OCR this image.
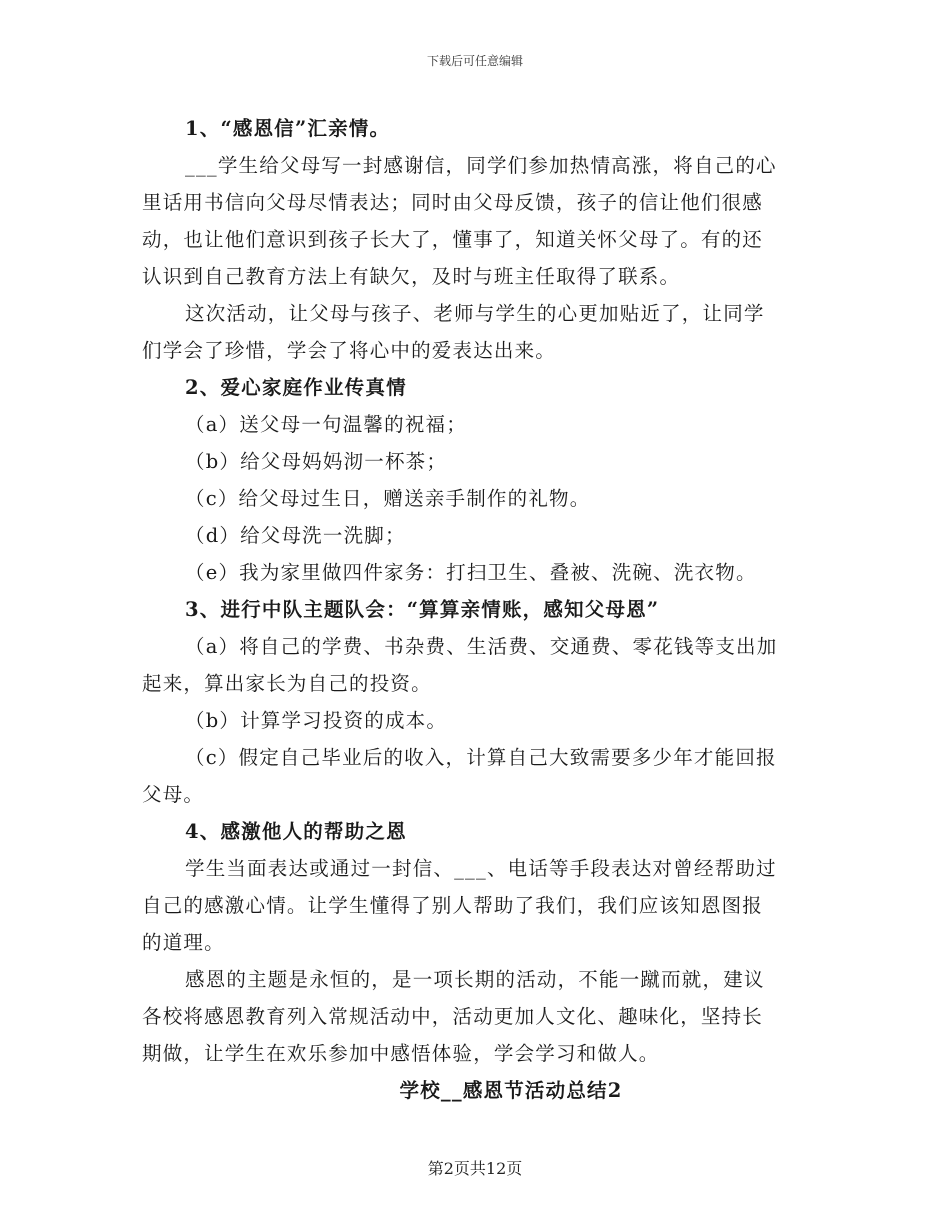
下载后可任意编辑
1、“感恩信”汇亲情。
___学生给父母写一封感谢信，同学们参加热情高涨，将自己的心
里话用书信向父母尽情表达；同时由父母反馈，孩子的信让他们很感
动，也让他们意识到孩子长大了，懂事了，知道关怀父母了。有的还
认识到自己教育方法上有缺欠，及时与班主任取得了联系。
这次活动，让父母与孩子、老师与学生的心更加贴近了，让同学
们学会了珍惜，学会了将心中的爱表达出来。
2、爱心家庭作业传真情
（a）送父母一句温馨的祝福；
（b）给父母妈妈沏一杯茶；
（c）给父母过生日，赠送亲手制作的礼物。
（d）给父母洗一洗脚；
（e）我为家里做四件家务：打扫卫生、叠被、洗碗、洗衣物。
3、进行中队主题队会：“算算亲情账，感知父母恩”
（a）将自己的学费、书杂费、生活费、交通费、零花钱等支出加
起来，算出家长为自己的投资。
（b）计算学习投资的成本。
（c）假定自己毕业后的收入，计算自己大致需要多少年才能回报
父母。
4、感激他人的帮助之恩
学生当面表达或通过一封信、___、电话等手段表达对曾经帮助过
自己的感激心情。让学生懂得了别人帮助了我们，我们应该知恩图报
的道理。
感恩的主题是永恒的，是一项长期的活动，不能一蹴而就，建议
各校将感恩教育列入常规活动中，活动更加人文化、趣味化，坚持长
期做，让学生在欢乐参加中感悟体验，学会学习和做人。
学校__感恩节活动总结2
第2页共12页
